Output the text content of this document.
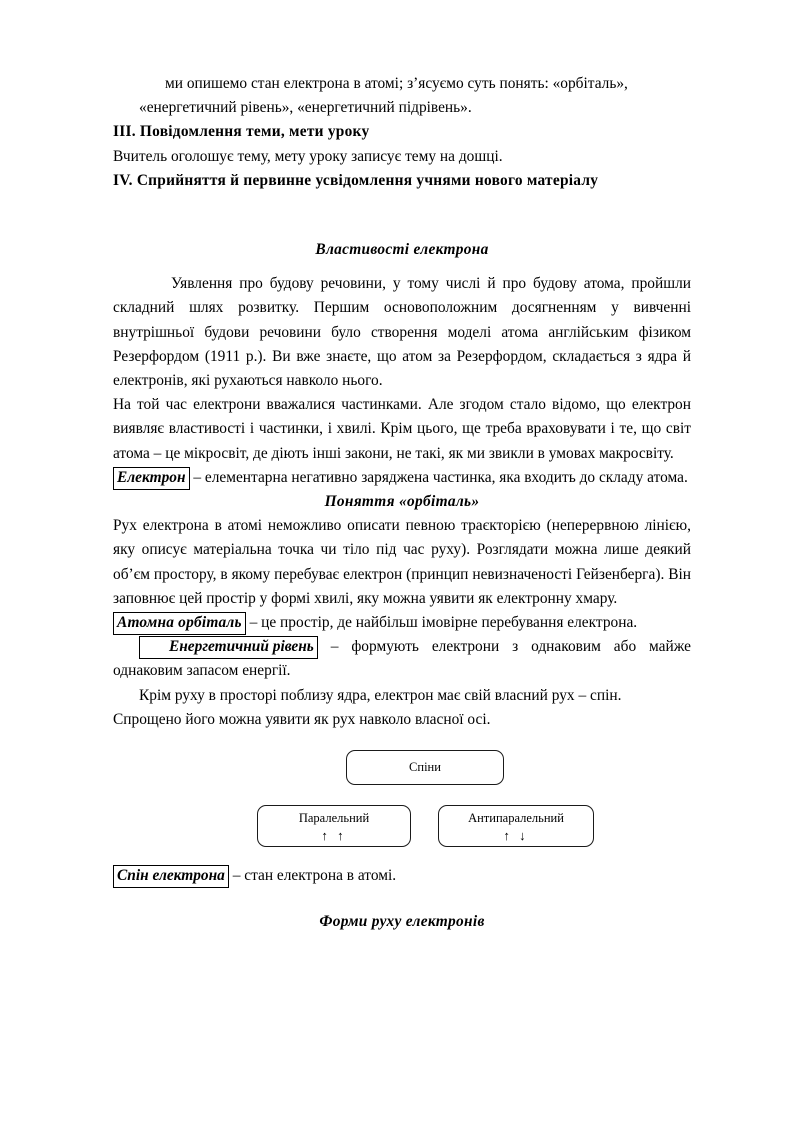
ми опишемо стан електрона в атомі; з’ясуємо суть понять: «орбіталь»,

«енергетичний рівень», «енергетичний підрівень».

III. Повідомлення теми, мети уроку

Вчитель оголошує тему, мету уроку записує тему на дошці.

IV. Сприйняття й первинне усвідомлення учнями нового матеріалу

Властивості електрона

Уявлення про будову речовини, у тому числі й про будову атома, пройшли складний шлях розвитку. Першим основоположним досягненням у вивченні внутрішньої будови речовини було створення моделі атома англійським фізиком Резерфордом (1911 р.). Ви вже знаєте, що атом за Резерфордом, складається з ядра й електронів, які рухаються навколо нього.

На той час електрони вважалися частинками. Але згодом стало відомо, що електрон виявляє властивості і частинки, і хвилі. Крім цього, ще треба враховувати і те, що світ атома – це мікросвіт, де діють інші закони, не такі, як ми звикли в умовах макросвіту.

Електрон – елементарна негативно заряджена частинка, яка входить до складу атома.

Поняття «орбіталь»

Рух електрона в атомі неможливо описати певною траєкторією (неперервною лінією, яку описує матеріальна точка чи тіло під час руху). Розглядати можна лише деякий об’єм простору, в якому перебуває електрон (принцип невизначеності Гейзенберга). Він заповнює цей простір у формі хвилі, яку можна уявити як електронну хмару.

Атомна орбіталь – це простір, де найбільш імовірне перебування електрона.

Енергетичний рівень – формують електрони з однаковим або майже однаковим запасом енергії.

Крім руху в просторі поблизу ядра, електрон має свій власний рух – спін. Спрощено його можна уявити як рух навколо власної осі.

Спіни
Паралельний
↑ ↑
Антипаралельний
↑ ↓

Спін електрона – стан електрона в атомі.

Форми руху електронів
